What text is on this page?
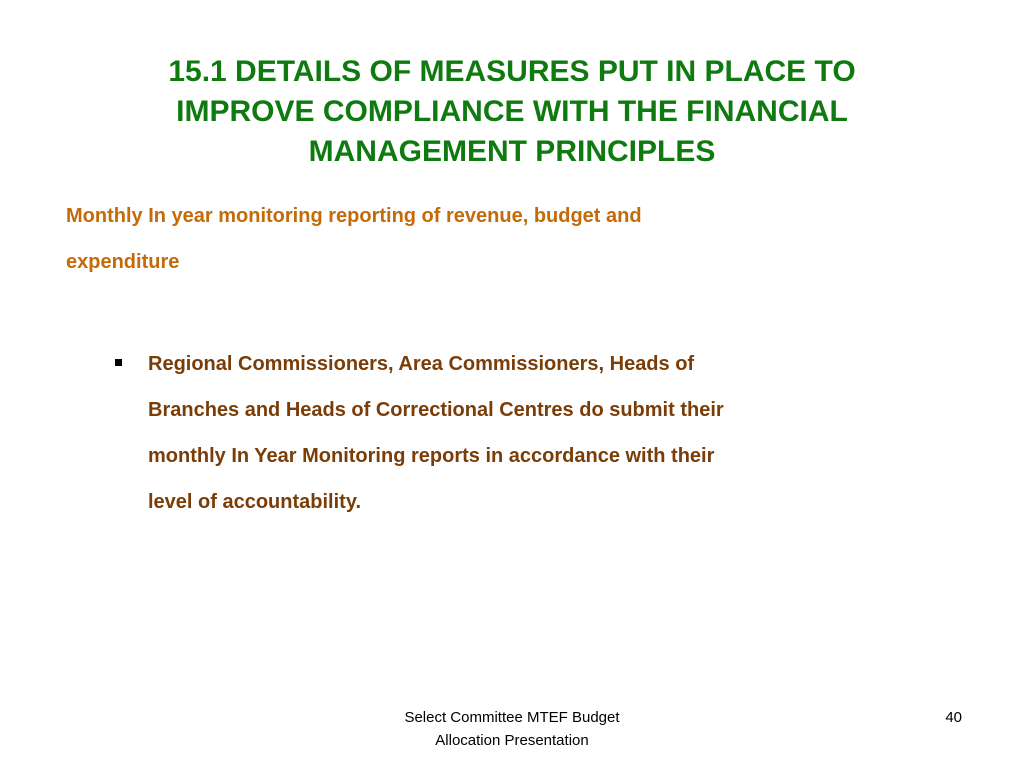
15.1 DETAILS OF MEASURES PUT IN PLACE TO
IMPROVE COMPLIANCE WITH THE FINANCIAL
MANAGEMENT PRINCIPLES
Monthly In year monitoring reporting of revenue, budget and
expenditure
Regional Commissioners, Area Commissioners, Heads of
Branches and Heads of Correctional Centres do submit their
monthly In Year Monitoring reports in accordance with their
level of accountability.
Select Committee MTEF Budget
Allocation Presentation
40
